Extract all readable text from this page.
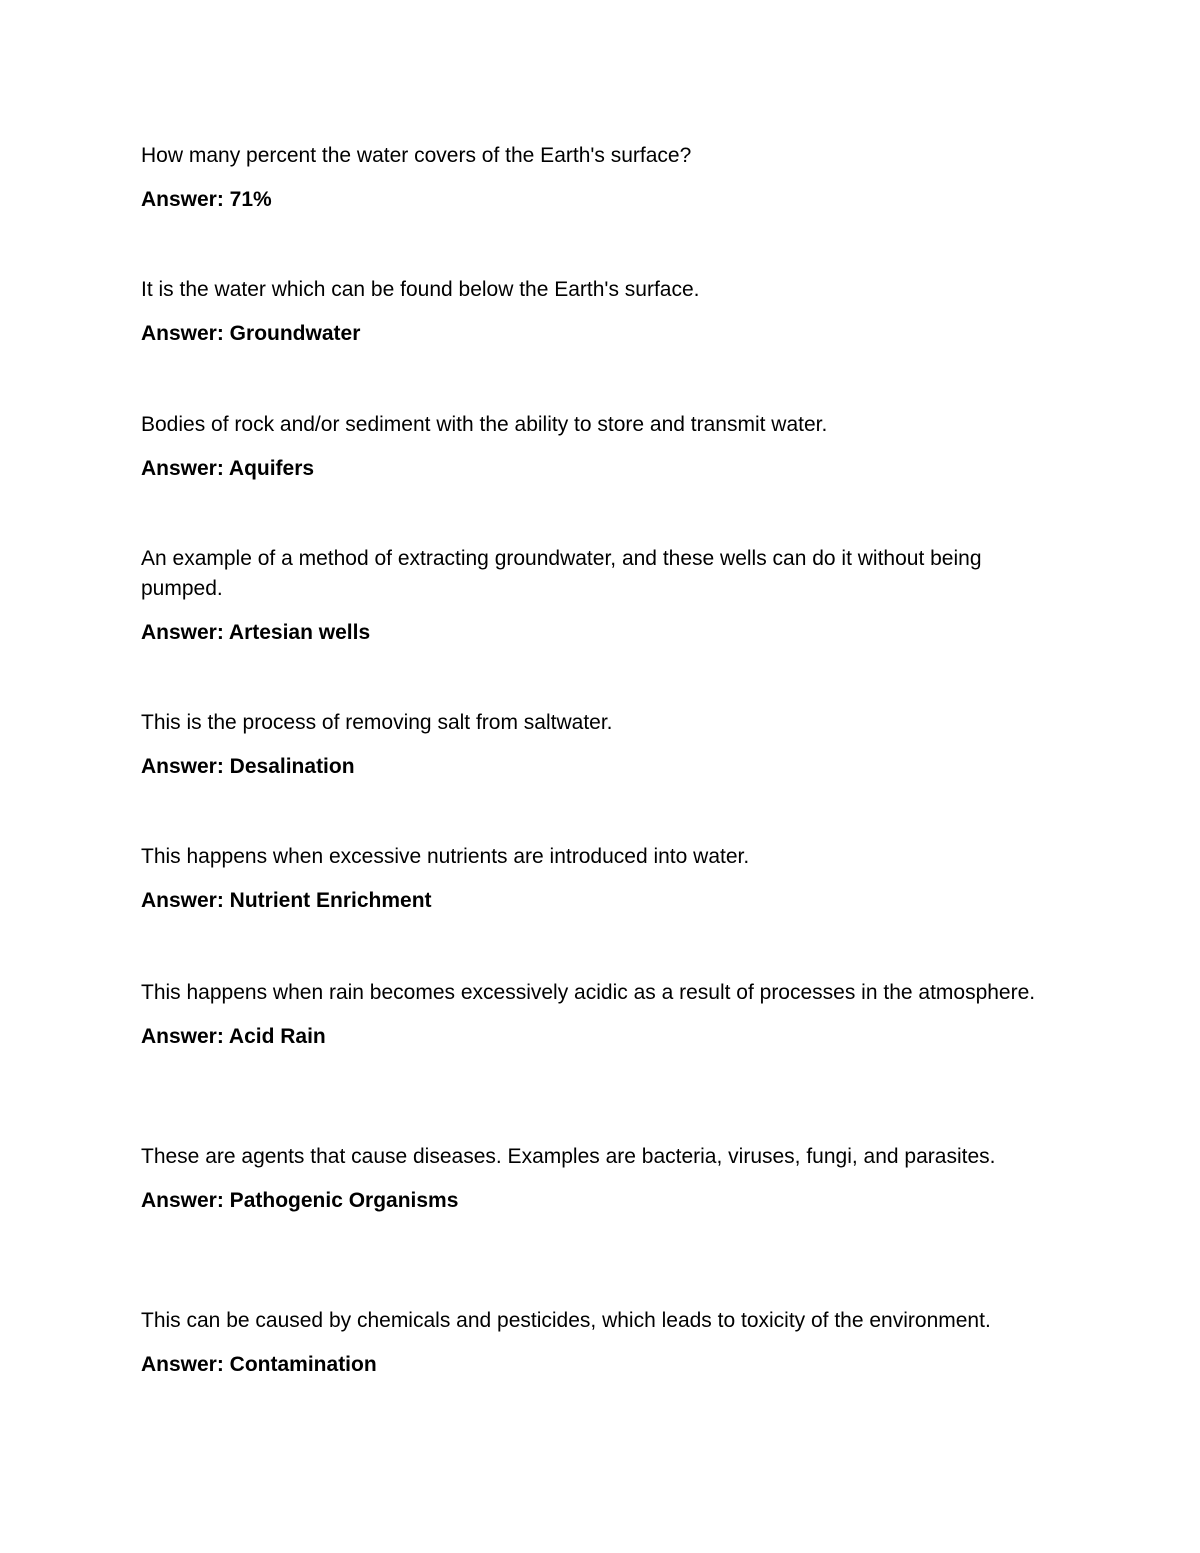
How many percent the water covers of the Earth's surface?

Answer: 71%

It is the water which can be found below the Earth's surface.

Answer: Groundwater

Bodies of rock and/or sediment with the ability to store and transmit water.

Answer: Aquifers

An example of a method of extracting groundwater, and these wells can do it without being pumped.

Answer: Artesian wells

This is the process of removing salt from saltwater.

Answer: Desalination

This happens when excessive nutrients are introduced into water.

Answer: Nutrient Enrichment

This happens when rain becomes excessively acidic as a result of processes in the atmosphere.

Answer: Acid Rain

These are agents that cause diseases. Examples are bacteria, viruses, fungi, and parasites.

Answer: Pathogenic Organisms

This can be caused by chemicals and pesticides, which leads to toxicity of the environment.

Answer: Contamination
